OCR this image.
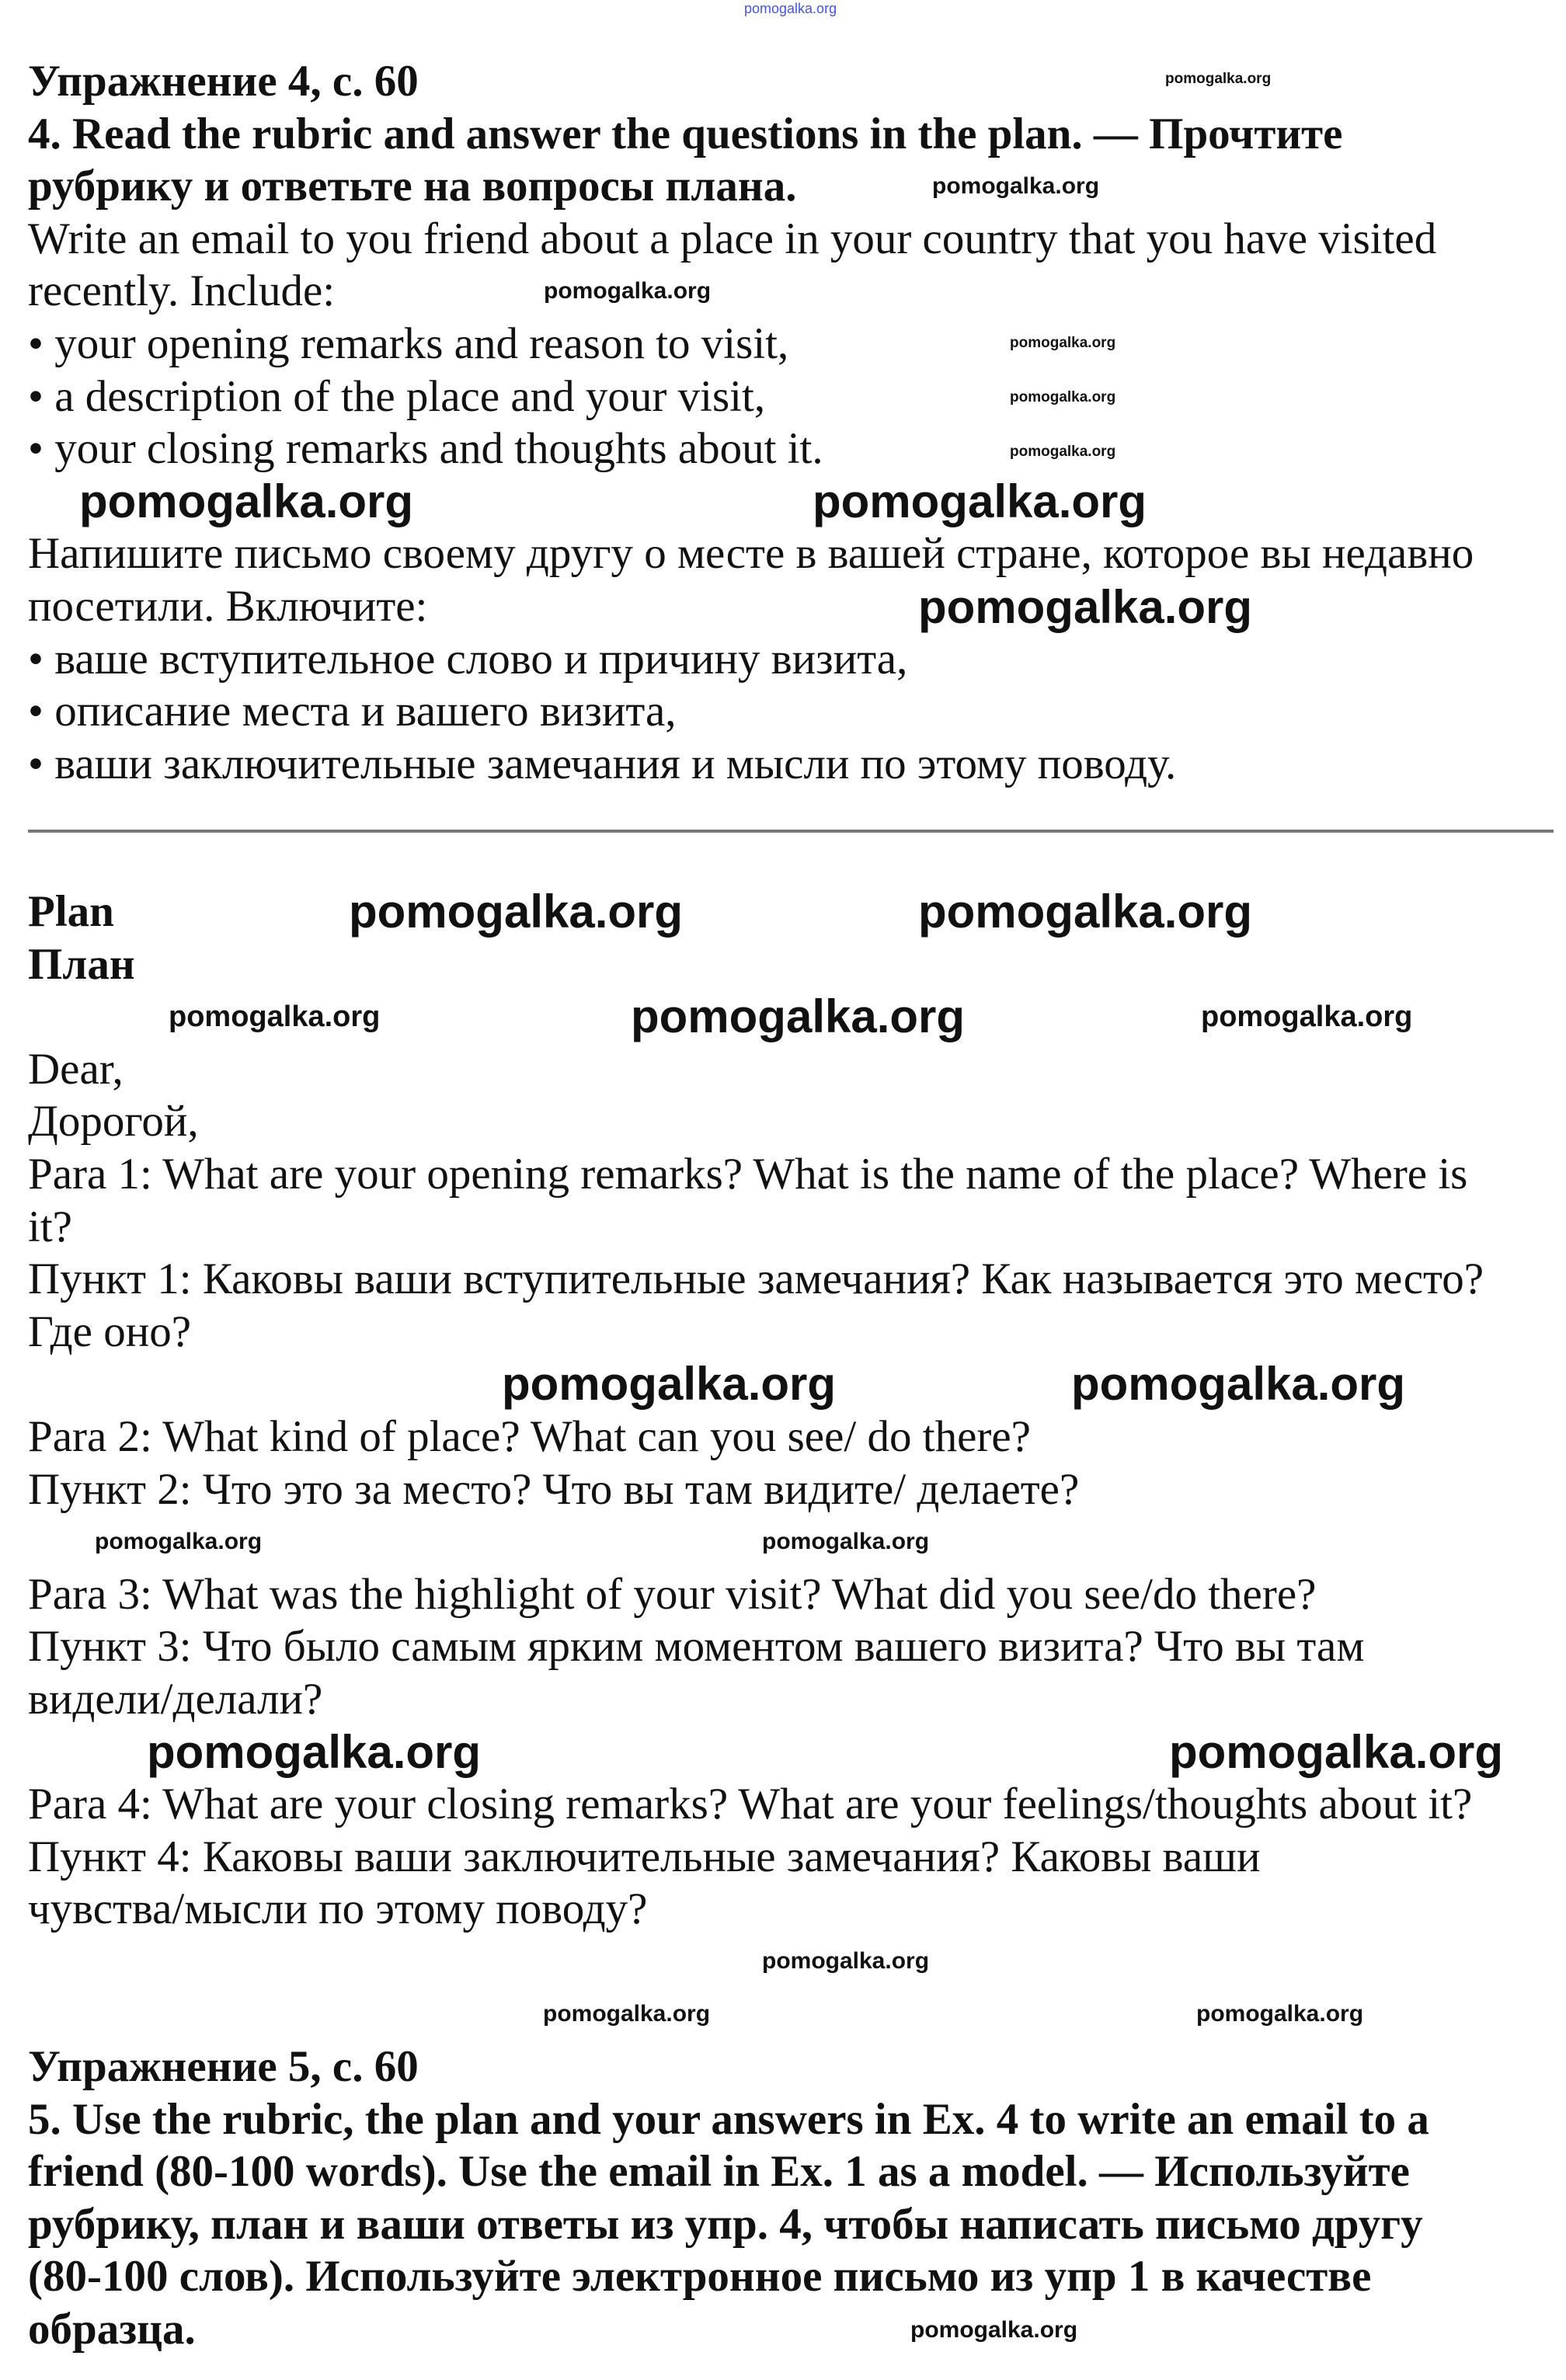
Упражнение 4, с. 60
4. Read the rubric and answer the questions in the plan. — Прочтите
рубрику и ответьте на вопросы плана.
Write an email to you friend about a place in your country that you have visited
recently. Include:
• your opening remarks and reason to visit,
• a description of the place and your visit,
• your closing remarks and thoughts about it.
Напишите письмо своему другу о месте в вашей стране, которое вы недавно
посетили. Включите:
• ваше вступительное слово и причину визита,
• описание места и вашего визита,
• ваши заключительные замечания и мысли по этому поводу.
Plan
План
Dear,
Дорогой,
Para 1: What are your opening remarks? What is the name of the place? Where is
it?
Пункт 1: Каковы ваши вступительные замечания? Как называется это место?
Где оно?
Para 2: What kind of place? What can you see/ do there?
Пункт 2: Что это за место? Что вы там видите/ делаете?
Para 3: What was the highlight of your visit? What did you see/do there?
Пункт 3: Что было самым ярким моментом вашего визита? Что вы там
видели/делали?
Para 4: What are your closing remarks? What are your feelings/thoughts about it?
Пункт 4: Каковы ваши заключительные замечания? Каковы ваши
чувства/мысли по этому поводу?
Упражнение 5, с. 60
5. Use the rubric, the plan and your answers in Ex. 4 to write an email to a
friend (80-100 words). Use the email in Ex. 1 as a model. — Используйте
рубрику, план и ваши ответы из упр. 4, чтобы написать письмо другу
(80-100 слов). Используйте электронное письмо из упр 1 в качестве
образца.
pomogalka.org
pomogalka.org
pomogalka.org
pomogalka.org
pomogalka.org
pomogalka.org
pomogalka.org
pomogalka.org
pomogalka.org
pomogalka.org
pomogalka.org	pomogalka.org
pomogalka.org	pomogalka.org	pomogalka.org
pomogalka.org	pomogalka.org
pomogalka.org	pomogalka.org
pomogalka.org
pomogalka.org
pomogalka.org
pomogalka.org
pomogalka.org
pomogalka.org
